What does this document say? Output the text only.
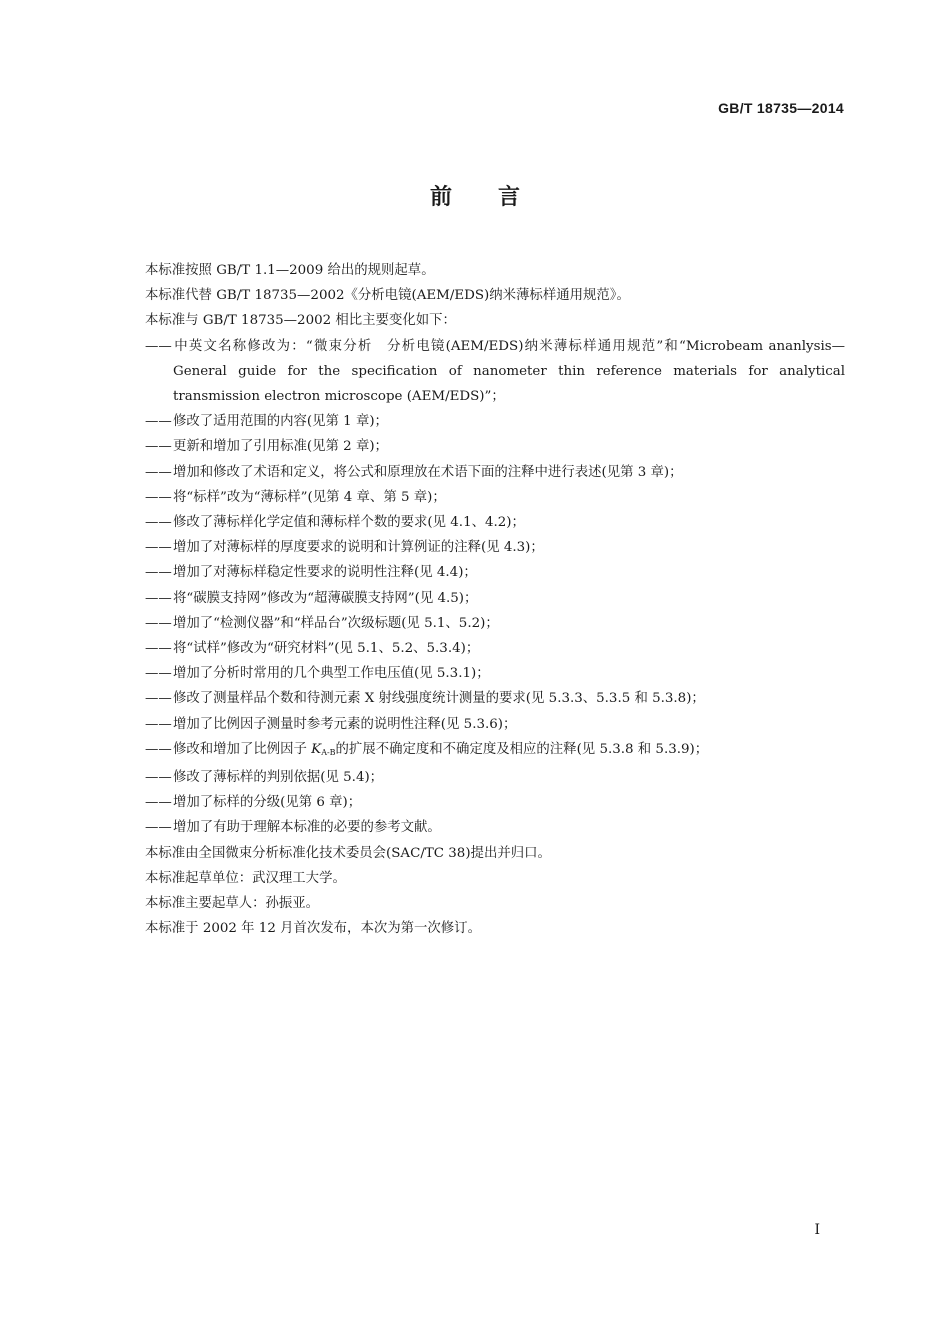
GB/T 18735—2014
前言

本标准按照 GB/T 1.1—2009 给出的规则起草。

本标准代替 GB/T 18735—2002《分析电镜(AEM/EDS)纳米薄标样通用规范》。

本标准与 GB/T 18735—2002 相比主要变化如下：

——中英文名称修改为：“微束分析　分析电镜(AEM/EDS)纳米薄标样通用规范”和“Microbeam ananlysis—General guide for the specification of nanometer thin reference materials for analytical transmission electron microscope (AEM/EDS)”；

——修改了适用范围的内容(见第 1 章)；

——更新和增加了引用标准(见第 2 章)；

——增加和修改了术语和定义，将公式和原理放在术语下面的注释中进行表述(见第 3 章)；

——将“标样”改为“薄标样”(见第 4 章、第 5 章)；

——修改了薄标样化学定值和薄标样个数的要求(见 4.1、4.2)；

——增加了对薄标样的厚度要求的说明和计算例证的注释(见 4.3)；

——增加了对薄标样稳定性要求的说明性注释(见 4.4)；

——将“碳膜支持网”修改为“超薄碳膜支持网”(见 4.5)；

——增加了“检测仪器”和“样品台”次级标题(见 5.1、5.2)；

——将“试样”修改为“研究材料”(见 5.1、5.2、5.3.4)；

——增加了分析时常用的几个典型工作电压值(见 5.3.1)；

——修改了测量样品个数和待测元素 X 射线强度统计测量的要求(见 5.3.3、5.3.5 和 5.3.8)；

——增加了比例因子测量时参考元素的说明性注释(见 5.3.6)；

——修改和增加了比例因子 $K_{A-B}$的扩展不确定度和不确定度及相应的注释(见 5.3.8 和 5.3.9)；

——修改了薄标样的判别依据(见 5.4)；

——增加了标样的分级(见第 6 章)；

——增加了有助于理解本标准的必要的参考文献。

本标准由全国微束分析标准化技术委员会(SAC/TC 38)提出并归口。

本标准起草单位：武汉理工大学。

本标准主要起草人：孙振亚。

本标准于 2002 年 12 月首次发布，本次为第一次修订。

I
